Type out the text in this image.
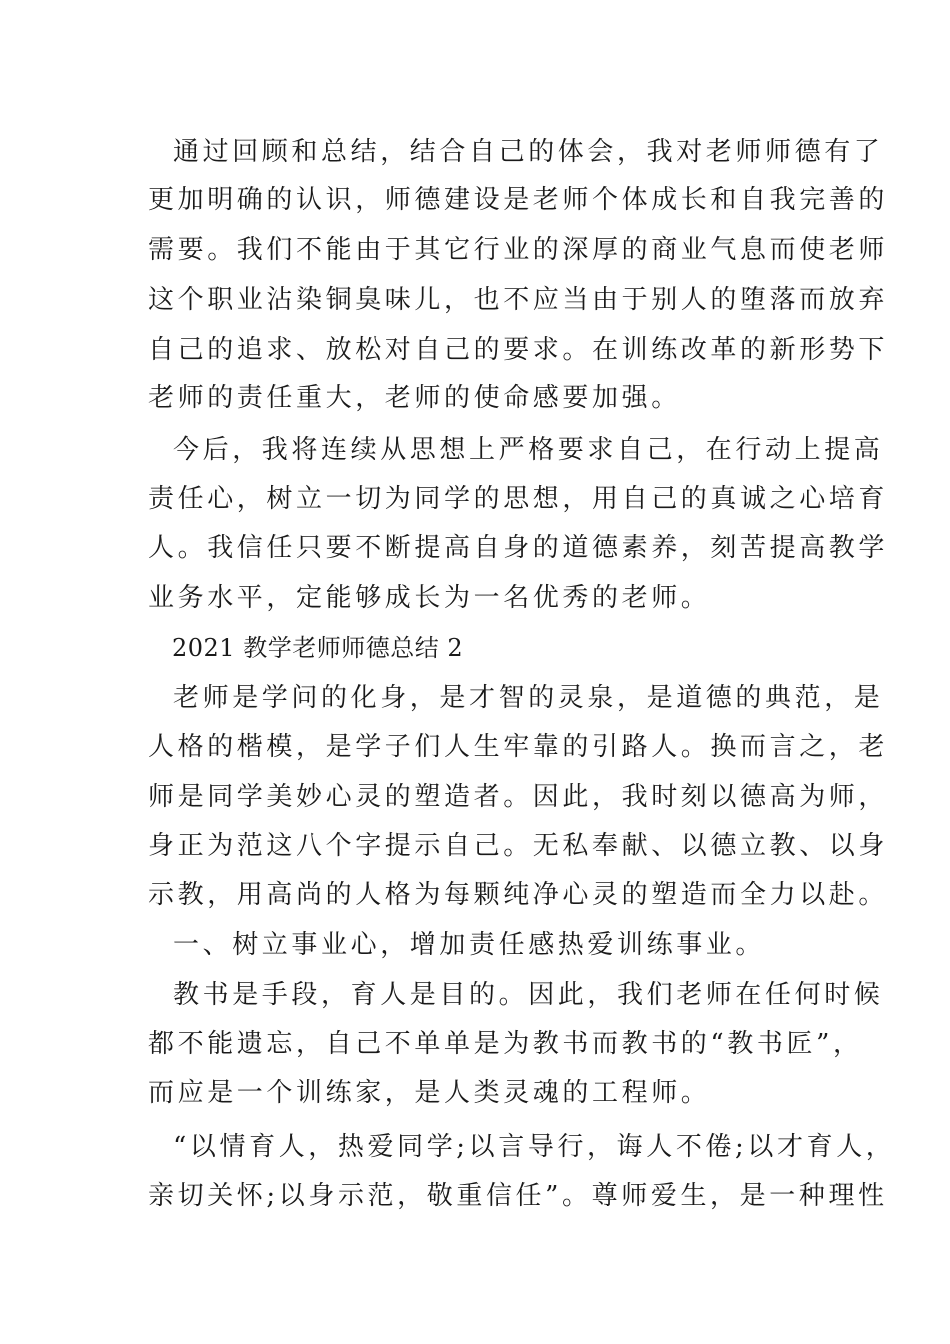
通过回顾和总结，结合自己的体会，我对老师师德有了
更加明确的认识，师德建设是老师个体成长和自我完善的
需要。我们不能由于其它行业的深厚的商业气息而使老师
这个职业沾染铜臭味儿，也不应当由于别人的堕落而放弃
自己的追求、放松对自己的要求。在训练改革的新形势下
老师的责任重大，老师的使命感要加强。
今后，我将连续从思想上严格要求自己，在行动上提高
责任心，树立一切为同学的思想，用自己的真诚之心培育
人。我信任只要不断提高自身的道德素养，刻苦提高教学
业务水平，定能够成长为一名优秀的老师。
2021 教学老师师德总结 2
老师是学问的化身，是才智的灵泉，是道德的典范，是
人格的楷模，是学子们人生牢靠的引路人。换而言之，老
师是同学美妙心灵的塑造者。因此，我时刻以德高为师，
身正为范这八个字提示自己。无私奉献、以德立教、以身
示教，用高尚的人格为每颗纯净心灵的塑造而全力以赴。
一、树立事业心，增加责任感热爱训练事业。
教书是手段，育人是目的。因此，我们老师在任何时候
都不能遗忘，自己不单单是为教书而教书的“教书匠”，
而应是一个训练家，是人类灵魂的工程师。
“以情育人，热爱同学;以言导行，诲人不倦;以才育人，
亲切关怀;以身示范，敬重信任”。尊师爱生，是一种理性
